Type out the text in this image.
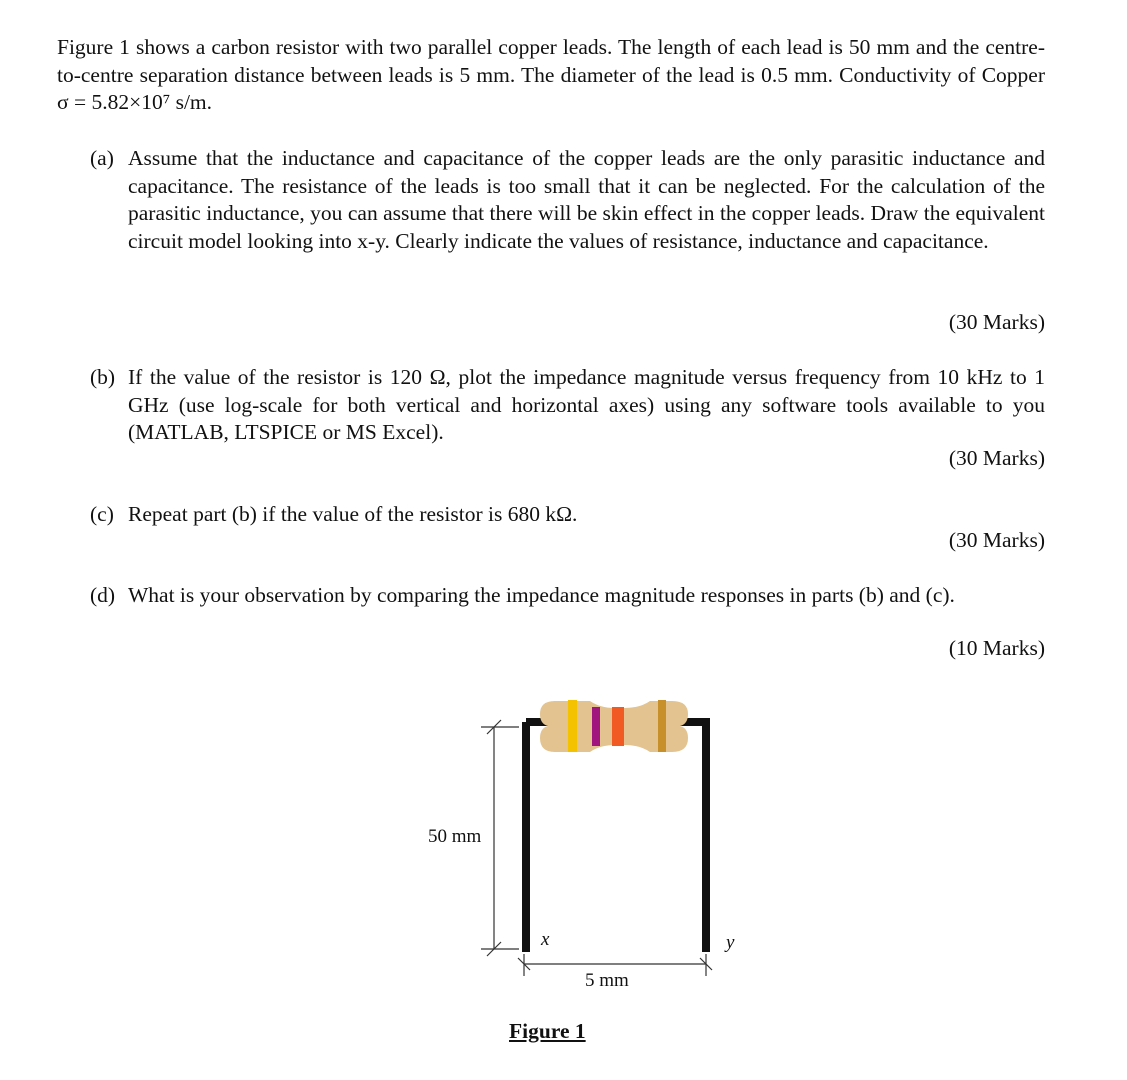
Figure 1 shows a carbon resistor with two parallel copper leads. The length of each lead is 50 mm and the centre-to-centre separation distance between leads is 5 mm. The diameter of the lead is 0.5 mm. Conductivity of Copper σ = 5.82×10⁷ s/m.
(a) Assume that the inductance and capacitance of the copper leads are the only parasitic inductance and capacitance. The resistance of the leads is too small that it can be neglected. For the calculation of the parasitic inductance, you can assume that there will be skin effect in the copper leads. Draw the equivalent circuit model looking into x-y. Clearly indicate the values of resistance, inductance and capacitance.
(30 Marks)
(b) If the value of the resistor is 120 Ω, plot the impedance magnitude versus frequency from 10 kHz to 1 GHz (use log-scale for both vertical and horizontal axes) using any software tools available to you (MATLAB, LTSPICE or MS Excel).
(30 Marks)
(c) Repeat part (b) if the value of the resistor is 680 kΩ.
(30 Marks)
(d) What is your observation by comparing the impedance magnitude responses in parts (b) and (c).
(10 Marks)
50 mm
5 mm
x	y
Figure 1
